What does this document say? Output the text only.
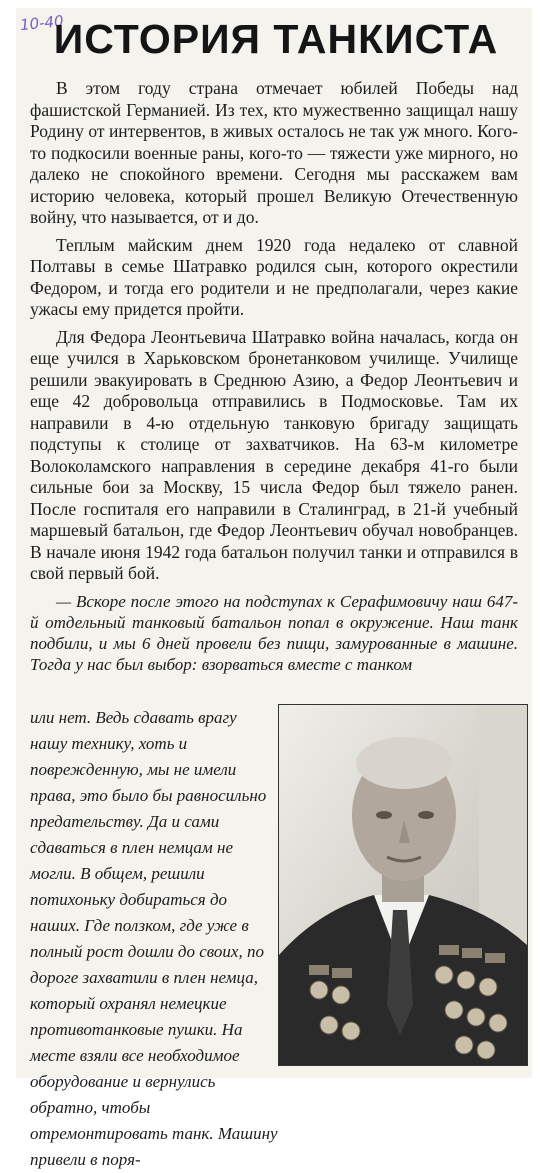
10-40
ИСТОРИЯ ТАНКИСТА

В этом году страна отмечает юбилей Победы над фашистской Германией. Из тех, кто мужественно защищал нашу Родину от интервентов, в живых осталось не так уж много. Кого-то подкосили военные раны, кого-то — тяжести уже мирного, но далеко не спокойного времени. Сегодня мы расскажем вам историю человека, который прошел Великую Отечественную войну, что называется, от и до.

Теплым майским днем 1920 года недалеко от славной Полтавы в семье Шатравко родился сын, которого окрестили Федором, и тогда его родители и не предполагали, через какие ужасы ему придется пройти.

Для Федора Леонтьевича Шатравко война началась, когда он еще учился в Харьковском бронетанковом училище. Училище решили эвакуировать в Среднюю Азию, а Федор Леонтьевич и еще 42 добровольца отправились в Подмосковье. Там их направили в 4-ю отдельную танковую бригаду защищать подступы к столице от захватчиков. На 63-м километре Волоколамского направления в середине декабря 41-го были сильные бои за Москву, 15 числа Федор был тяжело ранен. После госпиталя его направили в Сталинград, в 21-й учебный маршевый батальон, где Федор Леонтьевич обучал новобранцев. В начале июня 1942 года батальон получил танки и отправился в свой первый бой.

— Вскоре после этого на подступах к Серафимовичу наш 647-й отдельный танковый батальон попал в окружение. Наш танк подбили, и мы 6 дней провели без пищи, замурованные в машине. Тогда у нас был выбор: взорваться вместе с танком

или нет. Ведь сдавать врагу нашу технику, хоть и поврежденную, мы не имели права, это было бы равносильно предательству. Да и сами сдаваться в плен немцам не могли. В общем, решили потихоньку добираться до наших. Где ползком, где уже в полный рост дошли до своих, по дороге захватили в плен немца, который охранял немецкие противотанковые пушки. На месте взяли все необходимое оборудование и вернулись обратно, чтобы отремонтировать танк. Машину привели в поря-
